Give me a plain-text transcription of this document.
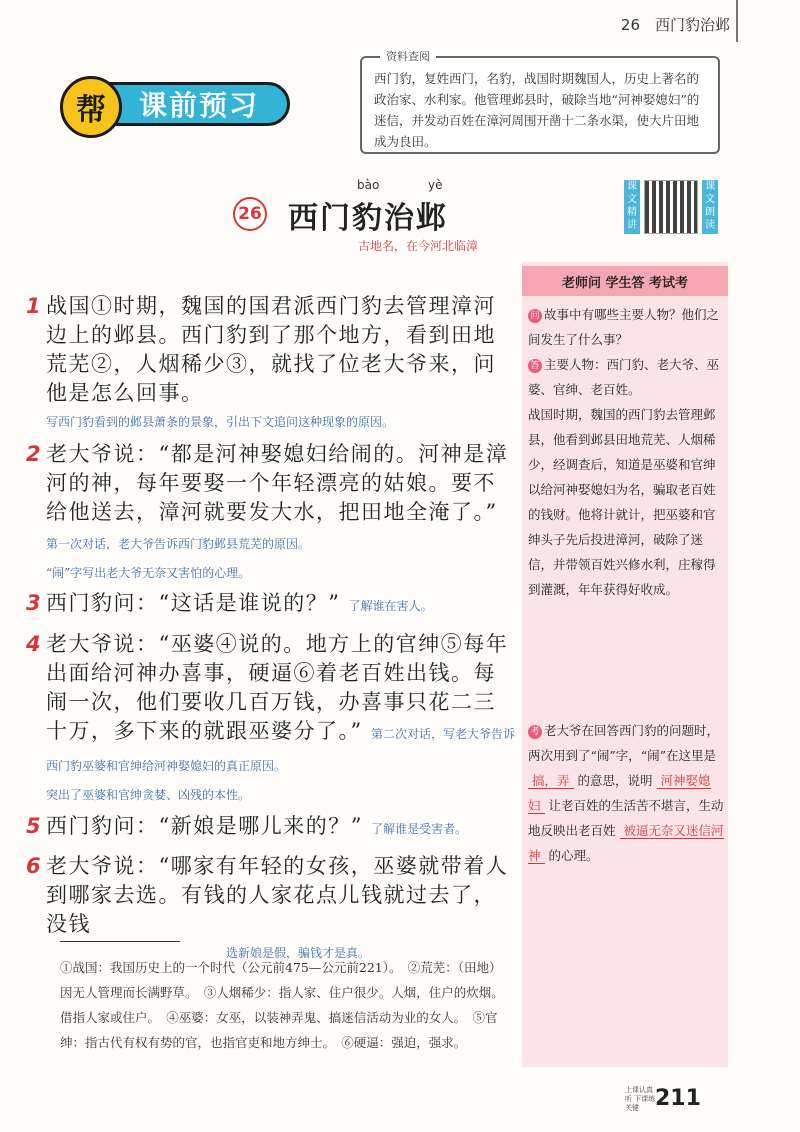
26　西门豹治邺
帮	课前预习
西门豹，复姓西门，名豹，战国时期魏国人，历史上著名的政治家、水利家。他管理邺县时，破除当地“河神娶媳妇”的迷信，并发动百姓在漳河周围开凿十二条水渠，使大片田地成为良田。
资料查阅
26
bào	yè
西门豹治邺
古地名，在今河北临漳
课文精讲
课文朗读
1 战国①时期，魏国的国君派西门豹去管理漳河边上的邺县。西门豹到了那个地方，看到田地荒芜②，人烟稀少③，就找了位老大爷来，问他是怎么回事。
写西门豹看到的邺县萧条的景象，引出下文追问这种现象的原因。
2 老大爷说：“都是河神娶媳妇给闹的。河神是漳河的神，每年要娶一个年轻漂亮的姑娘。要不给他送去，漳河就要发大水，把田地全淹了。” 第一次对话，老大爷告诉西门豹邺县荒芜的原因。
“闹”字写出老大爷无奈又害怕的心理。
3 西门豹问：“这话是谁说的？” 了解谁在害人。
4 老大爷说：“巫婆④说的。地方上的官绅⑤每年出面给河神办喜事，硬逼⑥着老百姓出钱。每闹一次，他们要收几百万钱，办喜事只花二三十万，多下来的就跟巫婆分了。” 第二次对话，写老大爷告诉西门豹巫婆和官绅给河神娶媳妇的真正原因。
突出了巫婆和官绅贪婪、凶残的本性。
5 西门豹问：“新娘是哪儿来的？” 了解谁是受害者。
6 老大爷说：“哪家有年轻的女孩，巫婆就带着人到哪家去选。有钱的人家花点儿钱就过去了，没钱
选新娘是假，骗钱才是真。
①战国：我国历史上的一个时代（公元前475—公元前221）。　②荒芜：（田地）因无人管理而长满野草。　③人烟稀少：指人家、住户很少。人烟，住户的炊烟。借指人家或住户。　④巫婆：女巫，以装神弄鬼、搞迷信活动为业的女人。　⑤官绅：指古代有权有势的官，也指官吏和地方绅士。　⑥硬逼：强迫，强求。
老师问 学生答 考试考
问 故事中有哪些主要人物？他们之间发生了什么事？
答 主要人物：西门豹、老大爷、巫婆、官绅、老百姓。
战国时期，魏国的西门豹去管理邺县，他看到邺县田地荒芜、人烟稀少，经调查后，知道是巫婆和官绅以给河神娶媳妇为名，骗取老百姓的钱财。他将计就计，把巫婆和官绅头子先后投进漳河，破除了迷信，并带领百姓兴修水利，庄稼得到灌溉，年年获得好收成。
考 老大爷在回答西门豹的问题时，两次用到了“闹”字，“闹”在这里是 搞，弄 的意思，说明 河神娶媳妇 让老百姓的生活苦不堪言，生动地反映出老百姓 被逼无奈又迷信河神 的心理。
上课认真听 下课练关键 211
